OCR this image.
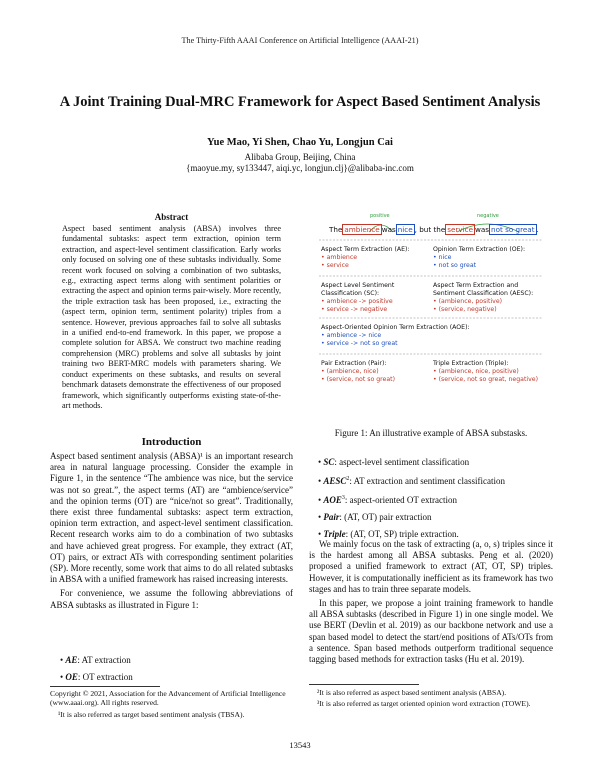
The Thirty-Fifth AAAI Conference on Artificial Intelligence (AAAI-21)
A Joint Training Dual-MRC Framework for Aspect Based Sentiment Analysis
Yue Mao, Yi Shen, Chao Yu, Longjun Cai
Alibaba Group, Beijing, China
{maoyue.my, sy133447, aiqi.yc, longjun.clj}@alibaba-inc.com
Abstract
Aspect based sentiment analysis (ABSA) involves three fundamental subtasks: aspect term extraction, opinion term extraction, and aspect-level sentiment classification. Early works only focused on solving one of these subtasks individually. Some recent work focused on solving a combination of two subtasks, e.g., extracting aspect terms along with sentiment polarities or extracting the aspect and opinion terms pair-wisely. More recently, the triple extraction task has been proposed, i.e., extracting the (aspect term, opinion term, sentiment polarity) triples from a sentence. However, previous approaches fail to solve all subtasks in a unified end-to-end framework. In this paper, we propose a complete solution for ABSA. We construct two machine reading comprehension (MRC) problems and solve all subtasks by joint training two BERT-MRC models with parameters sharing. We conduct experiments on these subtasks, and results on several benchmark datasets demonstrate the effectiveness of our proposed framework, which significantly outperforms existing state-of-the-art methods.
Introduction

Aspect based sentiment analysis (ABSA)¹ is an important research area in natural language processing. Consider the example in Figure 1, in the sentence “The ambience was nice, but the service was not so great.”, the aspect terms (AT) are “ambience/service” and the opinion terms (OT) are “nice/not so great”. Traditionally, there exist three fundamental subtasks: aspect term extraction, opinion term extraction, and aspect-level sentiment classification. Recent research works aim to do a combination of two subtasks and have achieved great progress. For example, they extract (AT, OT) pairs, or extract ATs with corresponding sentiment polarities (SP). More recently, some work that aims to do all related subtasks in ABSA with a unified framework has raised increasing interests.

For convenience, we assume the following abbreviations of ABSA subtasks as illustrated in Figure 1:

• AE: AT extraction
• OE: OT extraction
Copyright © 2021, Association for the Advancement of Artificial Intelligence (www.aaai.org). All rights reserved.
¹It is also referred as target based sentiment analysis (TBSA).
positive	negative
The ambience was nice , but the service was not so great .
Aspect Term Extraction (AE):
• ambience
• service
Opinion Term Extraction (OE):
• nice
• not so great
Aspect Level Sentiment Classification (SC):
• ambience -> positive
• service -> negative
Aspect Term Extraction and Sentiment Classification (AESC):
• (ambience, positive)
• (service, negative)
Aspect-Oriented Opinion Term Extraction (AOE):
• ambience -> nice
• service -> not so great
Pair Extraction (Pair):
• (ambience, nice)
• (service, not so great)
Triple Extraction (Triple):
• (ambience, nice, positive)
• (service, not so great, negative)
Figure 1: An illustrative example of ABSA substasks.
• SC: aspect-level sentiment classification
• AESC$^2$: AT extraction and sentiment classification
• AOE$^3$: aspect-oriented OT extraction
• Pair: (AT, OT) pair extraction
• Triple: (AT, OT, SP) triple extraction.

We mainly focus on the task of extracting (a, o, s) triples since it is the hardest among all ABSA subtasks. Peng et al. (2020) proposed a unified framework to extract (AT, OT, SP) triples. However, it is computationally inefficient as its framework has two stages and has to train three separate models.

In this paper, we propose a joint training framework to handle all ABSA subtasks (described in Figure 1) in one single model. We use BERT (Devlin et al. 2019) as our backbone network and use a span based model to detect the start/end positions of ATs/OTs from a sentence. Span based methods outperform traditional sequence tagging based methods for extraction tasks (Hu et al. 2019).

²It is also referred as aspect based sentiment analysis (ABSA).
³It is also referred as target oriented opinion word extraction (TOWE).
13543
